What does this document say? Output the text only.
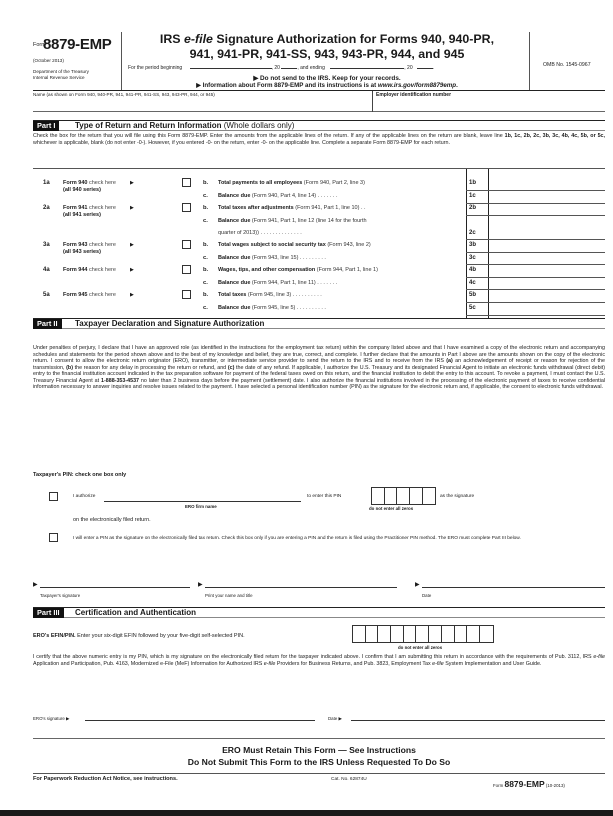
Form
8879-EMP
(October 2013)
Department of the Treasury
Internal Revenue Service
IRS e-file Signature Authorization for Forms 940, 940-PR,
941, 941-PR, 941-SS, 943, 943-PR, 944, and 945
For the period beginning	, 20	, and ending	, 20	.
▶ Do not send to the IRS. Keep for your records.
▶ Information about Form 8879-EMP and its instructions is at www.irs.gov/form8879emp.
OMB No. 1545-0967
Name (as shown on Form 940, 940-PR, 941, 941-PR, 941-SS, 943, 943-PR, 944, or 945)	Employer identification number
Part I	Type of Return and Return Information (Whole dollars only)
Check the box for the return that you will file using this Form 8879-EMP. Enter the amounts from the applicable lines of the return. If any of the applicable lines on the return are blank, leave line 1b, 1c, 2b, 2c, 3b, 3c, 4b, 4c, 5b, or 5c, whichever is applicable, blank (do not enter -0-). However, if you entered -0- on the return, enter -0- on the applicable line. Complete a separate Form 8879-EMP for each return.
1a	Form 940 check here	▶
(all 940 series)
b. Total payments to all employees (Form 940, Part 2, line 3)	1b
c. Balance due (Form 940, Part 4, line 14) . . . . . . .	1c
2a	Form 941 check here	▶
(all 941 series)
b. Total taxes after adjustments (Form 941, Part 1, line 10) . .	2b
c. Balance due (Form 941, Part 1, line 12 (line 14 for the fourth
quarter of 2013)) . . . . . . . . . . . . . .	2c
3a	Form 943 check here	▶
(all 943 series)
b. Total wages subject to social security tax (Form 943, line 2)	3b
c. Balance due (Form 943, line 15) . . . . . . . . .	3c
4a	Form 944 check here	▶	b. Wages, tips, and other compensation (Form 944, Part 1, line 1)	4b
c. Balance due (Form 944, Part 1, line 11) . . . . . . .	4c
5a	Form 945 check here	▶	b. Total taxes (Form 945, line 3) . . . . . . . . . .	5b
c. Balance due (Form 945, line 5) . . . . . . . . . .	5c
Part II	Taxpayer Declaration and Signature Authorization
Under penalties of perjury, I declare that I have an approved role (as identified in the instructions for the employment tax return) within the company listed above and that I have examined a copy of the electronic return and accompanying schedules and statements for the period shown above and to the best of my knowledge and belief, they are true, correct, and complete. I further declare that the amounts in Part I above are the amounts shown on the copy of the electronic return. I consent to allow the electronic return originator (ERO), transmitter, or intermediate service provider to send the return to the IRS and to receive from the IRS (a) an acknowledgement of receipt or reason for rejection of the transmission, (b) the reason for any delay in processing the return or refund, and (c) the date of any refund. If applicable, I authorize the U.S. Treasury and its designated Financial Agent to initiate an electronic funds withdrawal (direct debit) entry to the financial institution account indicated in the tax preparation software for payment of the federal taxes owed on this return, and the financial institution to debit the entry to this account. To revoke a payment, I must contact the U.S. Treasury Financial Agent at 1-888-353-4537 no later than 2 business days before the payment (settlement) date. I also authorize the financial institutions involved in the processing of the electronic payment of taxes to receive confidential information necessary to answer inquiries and resolve issues related to the payment. I have selected a personal identification number (PIN) as the signature for the electronic return and, if applicable, the consent to electronic funds withdrawal.
Taxpayer's PIN: check one box only
I authorize
ERO firm name
to enter this PIN
do not enter all zeros
as the signature
on the electronically filed return.
I will enter a PIN as the signature on the electronically filed tax return. Check this box only if you are entering a PIN and the return is filed using the Practitioner PIN method. The ERO must complete Part III below.
▶
Taxpayer's signature
▶
Print your name and title
▶
Date
Part III	Certification and Authentication
ERO's EFIN/PIN. Enter your six-digit EFIN followed by your five-digit self-selected PIN.
do not enter all zeros
I certify that the above numeric entry is my PIN, which is my signature on the electronically filed return for the taxpayer indicated above. I confirm that I am submitting this return in accordance with the requirements of Pub. 3112, IRS e-file Application and Participation, Pub. 4163, Modernized e-File (MeF) Information for Authorized IRS e-file Providers for Business Returns, and Pub. 3823, Employment Tax e-file System Implementation and User Guide.
ERO's signature ▶	Date ▶
ERO Must Retain This Form — See Instructions
Do Not Submit This Form to the IRS Unless Requested To Do So
For Paperwork Reduction Act Notice, see instructions.	Cat. No. 62874U
Form 8879-EMP (10-2013)
